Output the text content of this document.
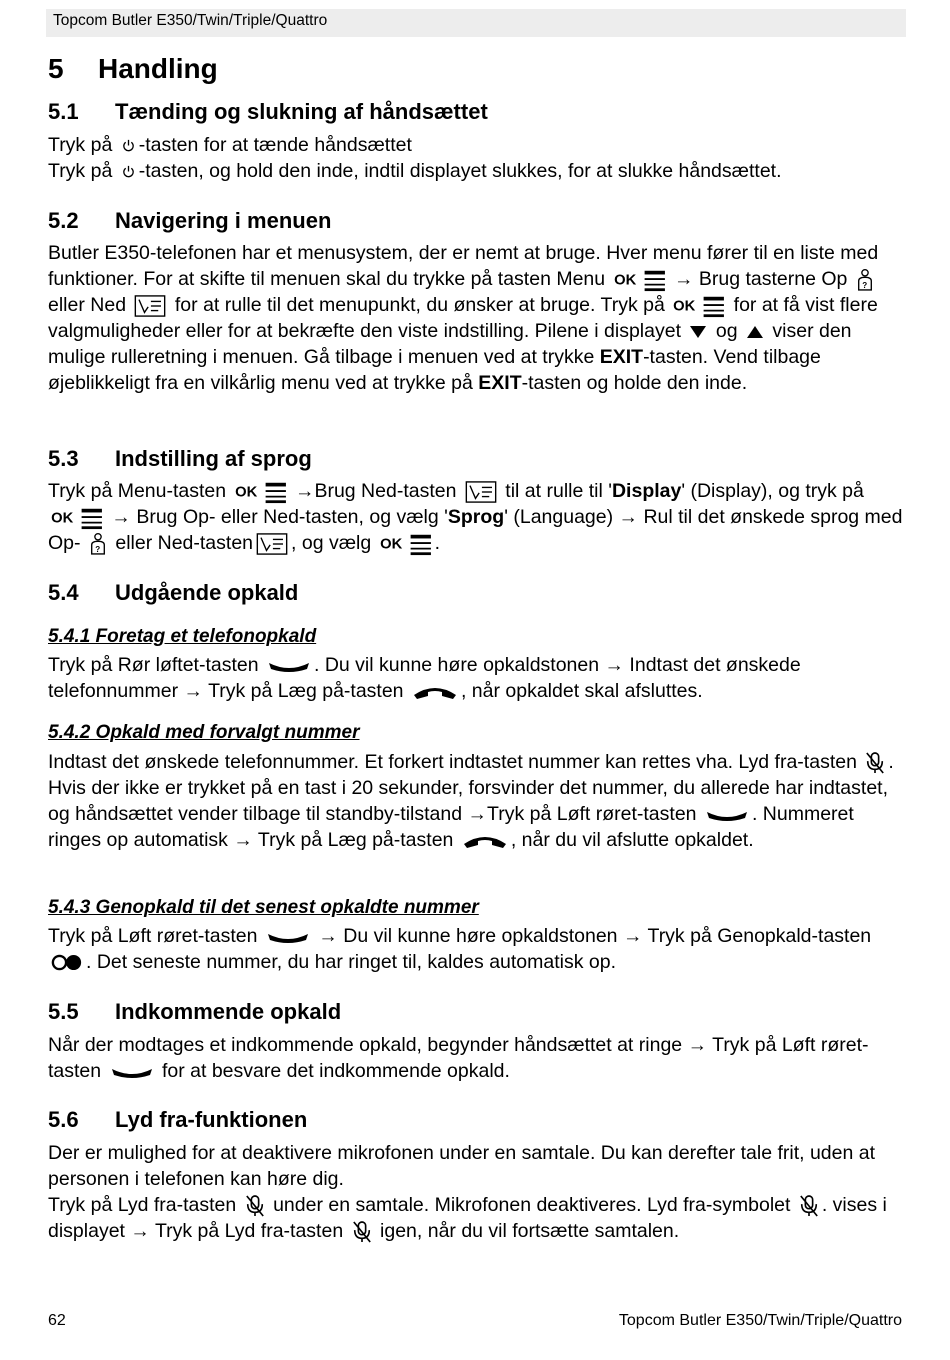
Topcom Butler E350/Twin/Triple/Quattro
5 Handling
5.1 Tænding og slukning af håndsættet
Tryk på -tasten for at tænde håndsættet
Tryk på -tasten, og hold den inde, indtil displayet slukkes, for at slukke håndsættet.
5.2 Navigering i menuen
Butler E350-telefonen har et menusystem, der er nemt at bruge. Hver menu fører til en liste med funktioner. For at skifte til menuen skal du trykke på tasten Menu	→ Brug tasterne Op  eller Ned	for at rulle til det menupunkt, du ønsker at bruge. Tryk på	for at få vist flere valgmuligheder eller for at bekræfte den viste indstilling. Pilene i displayet og viser den mulige rulleretning i menuen. Gå tilbage i menuen ved at trykke EXIT-tasten. Vend tilbage øjeblikkeligt fra en vilkårlig menu ved at trykke på EXIT-tasten og holde den inde.
5.3 Indstilling af sprog
Tryk på Menu-tasten	→Brug Ned-tasten	til at rulle til 'Display' (Display), og tryk på  → Brug Op- eller Ned-tasten, og vælg 'Sprog' (Language) → Rul til det ønskede sprog med Op- eller Ned-tasten , og vælg	.
5.4 Udgående opkald
5.4.1 Foretag et telefonopkald
Tryk på Rør løftet-tasten	. Du vil kunne høre opkaldstonen → Indtast det ønskede telefonnummer → Tryk på Læg på-tasten	, når opkaldet skal afsluttes.
5.4.2 Opkald med forvalgt nummer
Indtast det ønskede telefonnummer. Et forkert indtastet nummer kan rettes vha. Lyd fra-tasten . Hvis der ikke er trykket på en tast i 20 sekunder, forsvinder det nummer, du allerede har indtastet, og håndsættet vender tilbage til standby-tilstand →Tryk på Løft røret-tasten	. Nummeret ringes op automatisk → Tryk på Læg på-tasten	, når du vil afslutte opkaldet.
5.4.3 Genopkald til det senest opkaldte nummer
Tryk på Løft røret-tasten	→ Du vil kunne høre opkaldstonen → Tryk på Genopkald-tasten . Det seneste nummer, du har ringet til, kaldes automatisk op.
5.5 Indkommende opkald
Når der modtages et indkommende opkald, begynder håndsættet at ringe → Tryk på Løft røret-tasten	for at besvare det indkommende opkald.
5.6 Lyd fra-funktionen
Der er mulighed for at deaktivere mikrofonen under en samtale. Du kan derefter tale frit, uden at personen i telefonen kan høre dig.
Tryk på Lyd fra-tasten under en samtale. Mikrofonen deaktiveres. Lyd fra-symbolet . vises i displayet → Tryk på Lyd fra-tasten igen, når du vil fortsætte samtalen.
62	Topcom Butler E350/Twin/Triple/Quattro
